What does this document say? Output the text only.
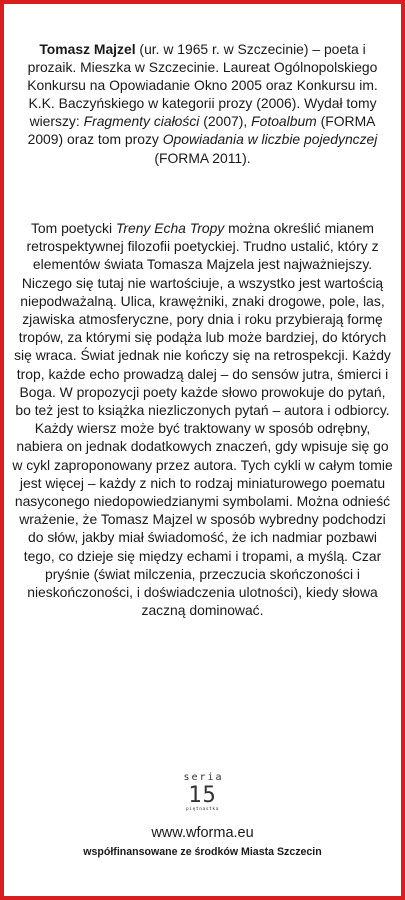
Tomasz Majzel (ur. w 1965 r. w Szczecinie) – poeta i prozaik. Mieszka w Szczecinie. Laureat Ogólnopolskiego Konkursu na Opowiadanie Okno 2005 oraz Konkursu im. K.K. Baczyńskiego w kategorii prozy (2006). Wydał tomy wierszy: Fragmenty ciałości (2007), Fotoalbum (FORMA 2009) oraz tom prozy Opowiadania w liczbie pojedynczej (FORMA 2011).

Tom poetycki Treny Echa Tropy można określić mianem retrospektywnej filozofii poetyckiej. Trudno ustalić, który z elementów świata Tomasza Majzela jest najważniejszy. Niczego się tutaj nie wartościuje, a wszystko jest wartością niepodważalną. Ulica, krawężniki, znaki drogowe, pole, las, zjawiska atmosferyczne, pory dnia i roku przybierają formę tropów, za którymi się podąża lub może bardziej, do których się wraca. Świat jednak nie kończy się na retrospekcji. Każdy trop, każde echo prowadzą dalej – do sensów jutra, śmierci i Boga. W propozycji poety każde słowo prowokuje do pytań, bo też jest to książka niezliczonych pytań – autora i odbiorcy. Każdy wiersz może być traktowany w sposób odrębny, nabiera on jednak dodatkowych znaczeń, gdy wpisuje się go w cykl zaproponowany przez autora. Tych cykli w całym tomie jest więcej – każdy z nich to rodzaj miniaturowego poematu nasyconego niedopowiedzianymi symbolami. Można odnieść wrażenie, że Tomasz Majzel w sposób wybredny podchodzi do słów, jakby miał świadomość, że ich nadmiar pozbawi tego, co dzieje się między echami i tropami, a myślą. Czar pryśnie (świat milczenia, przeczucia skończoności i nieskończoności, i doświadczenia ulotności), kiedy słowa zaczną dominować.

seria
15
piętnastka
www.wforma.eu
współfinansowane ze środków Miasta Szczecin
